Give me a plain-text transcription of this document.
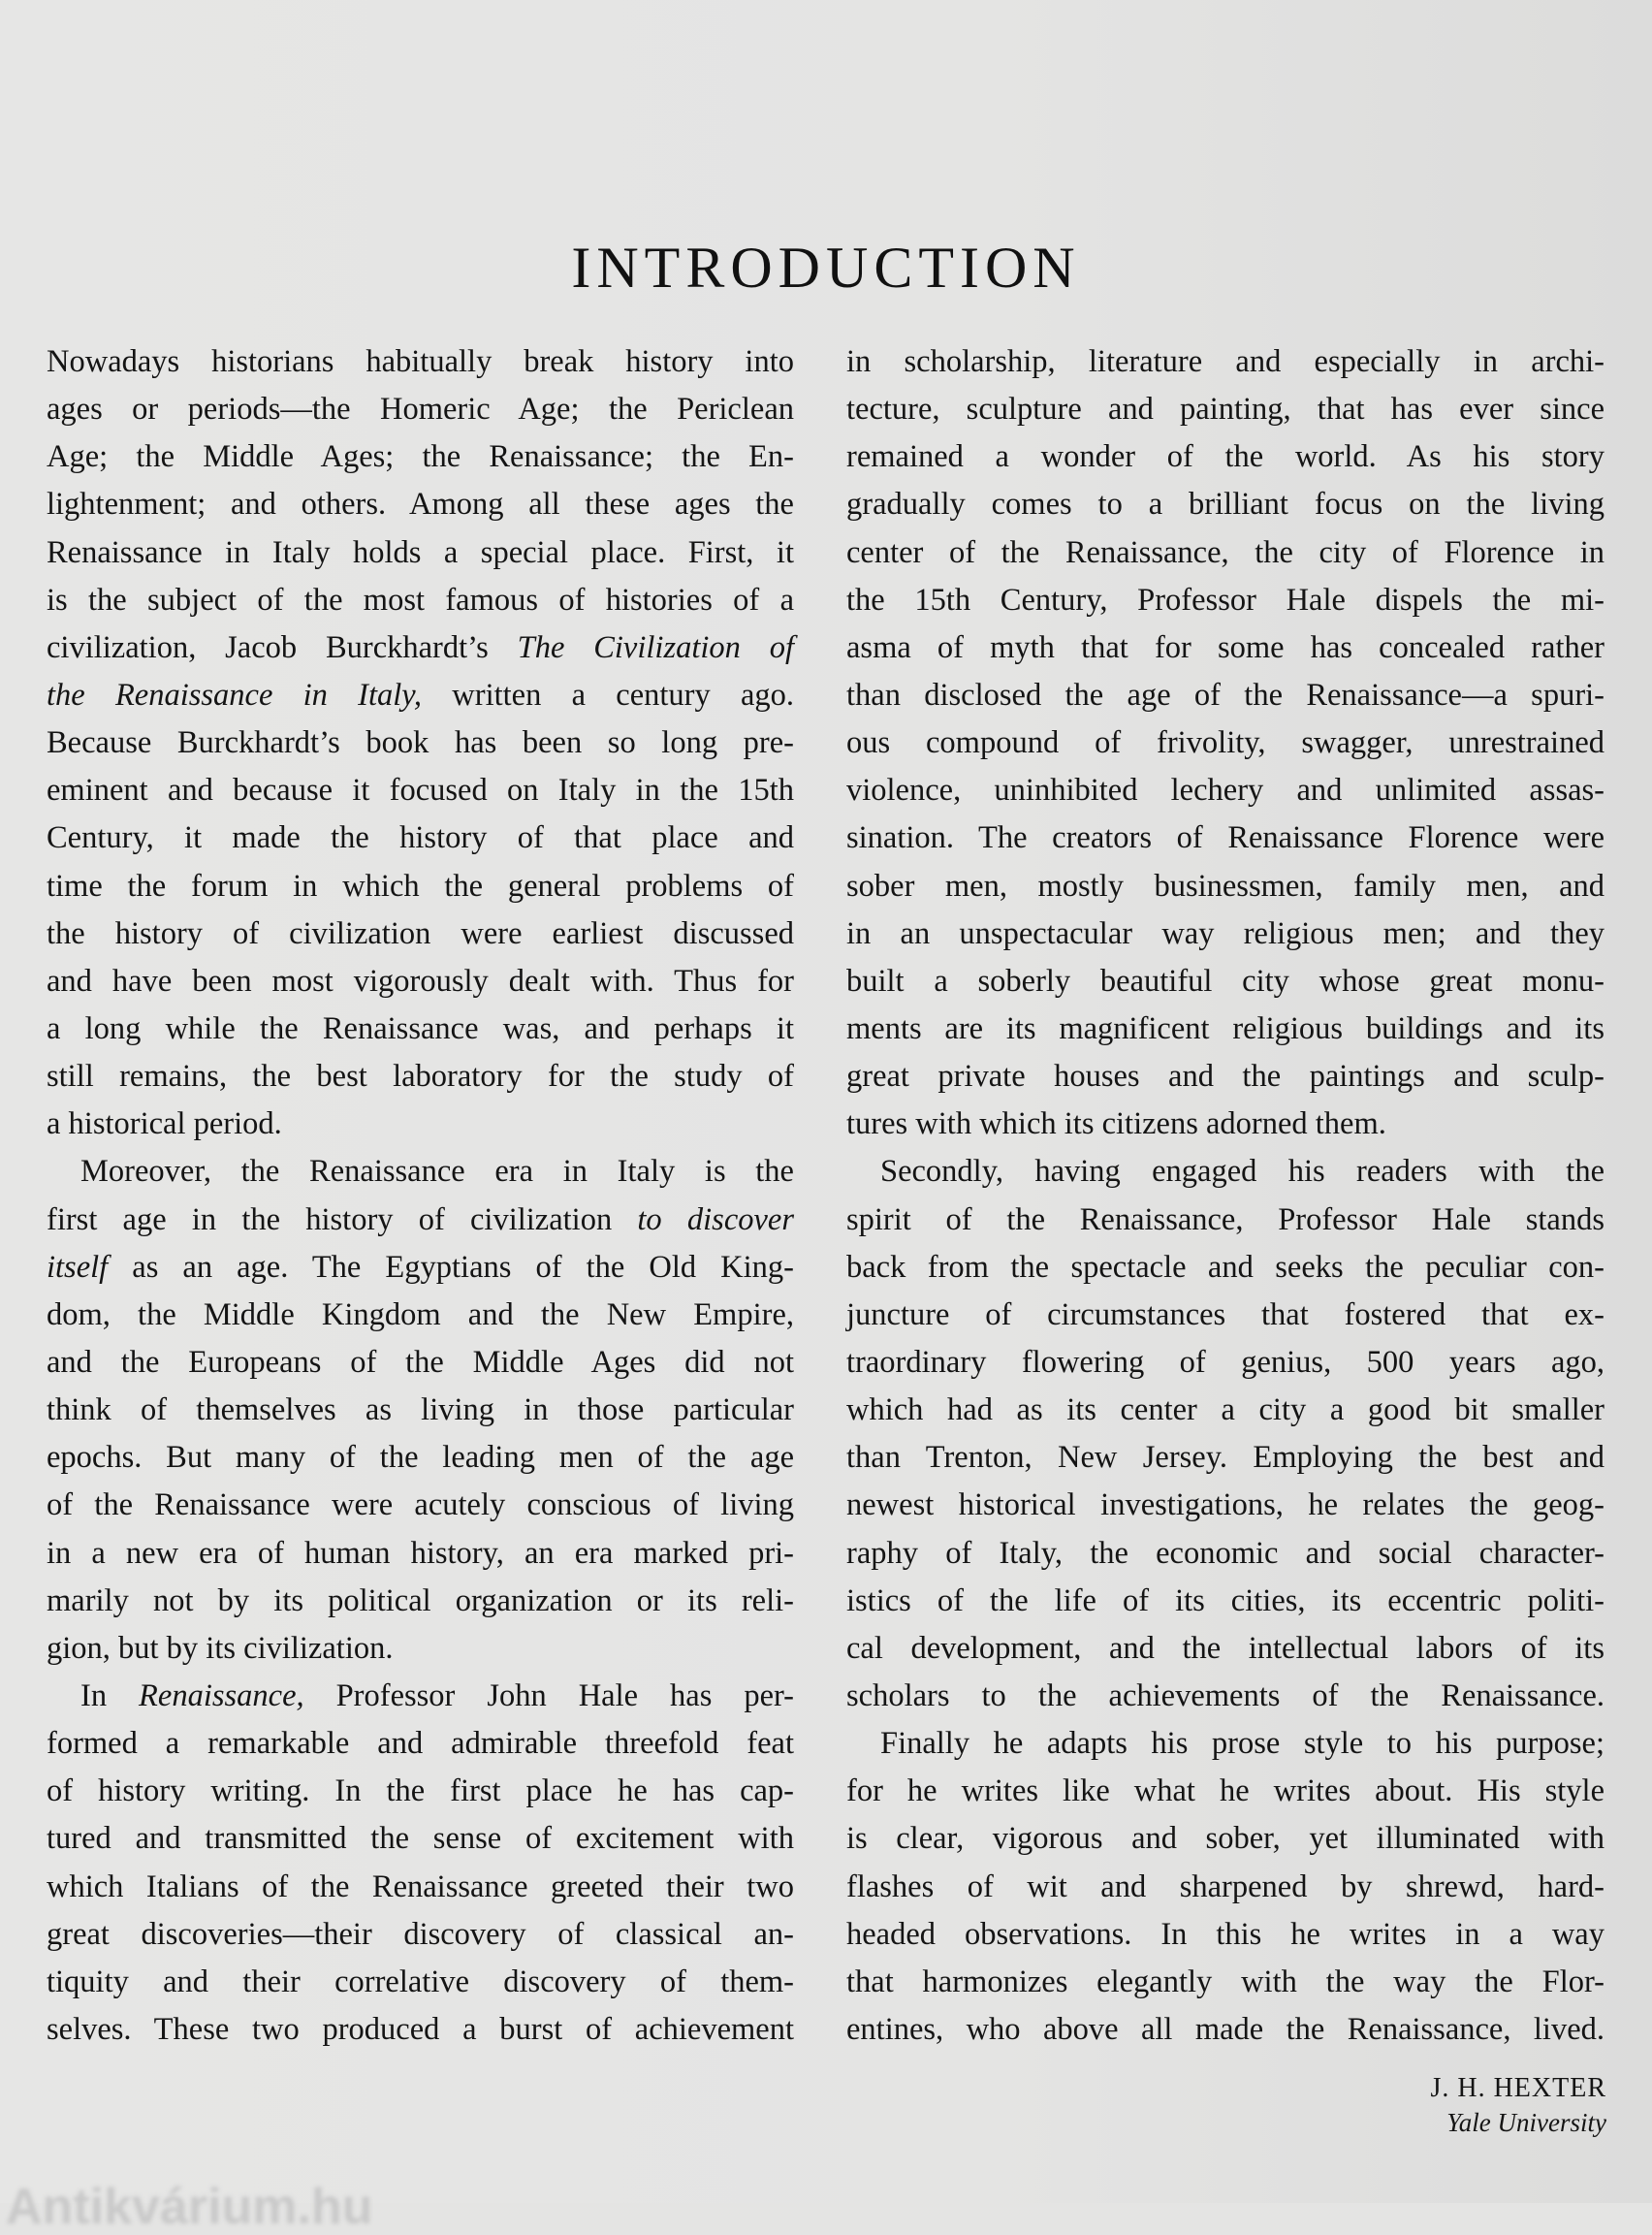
INTRODUCTION
Nowadays historians habitually break history into
ages or periods—the Homeric Age; the Periclean
Age; the Middle Ages; the Renaissance; the En-
lightenment; and others. Among all these ages the
Renaissance in Italy holds a special place. First, it
is the subject of the most famous of histories of a
civilization, Jacob Burckhardt’s The Civilization of
the Renaissance in Italy, written a century ago.
Because Burckhardt’s book has been so long pre-
eminent and because it focused on Italy in the 15th
Century, it made the history of that place and
time the forum in which the general problems of
the history of civilization were earliest discussed
and have been most vigorously dealt with. Thus for
a long while the Renaissance was, and perhaps it
still remains, the best laboratory for the study of
a historical period.
Moreover, the Renaissance era in Italy is the
first age in the history of civilization to discover
itself as an age. The Egyptians of the Old King-
dom, the Middle Kingdom and the New Empire,
and the Europeans of the Middle Ages did not
think of themselves as living in those particular
epochs. But many of the leading men of the age
of the Renaissance were acutely conscious of living
in a new era of human history, an era marked pri-
marily not by its political organization or its reli-
gion, but by its civilization.
In Renaissance, Professor John Hale has per-
formed a remarkable and admirable threefold feat
of history writing. In the first place he has cap-
tured and transmitted the sense of excitement with
which Italians of the Renaissance greeted their two
great discoveries—their discovery of classical an-
tiquity and their correlative discovery of them-
selves. These two produced a burst of achievement
in scholarship, literature and especially in archi-
tecture, sculpture and painting, that has ever since
remained a wonder of the world. As his story
gradually comes to a brilliant focus on the living
center of the Renaissance, the city of Florence in
the 15th Century, Professor Hale dispels the mi-
asma of myth that for some has concealed rather
than disclosed the age of the Renaissance—a spuri-
ous compound of frivolity, swagger, unrestrained
violence, uninhibited lechery and unlimited assas-
sination. The creators of Renaissance Florence were
sober men, mostly businessmen, family men, and
in an unspectacular way religious men; and they
built a soberly beautiful city whose great monu-
ments are its magnificent religious buildings and its
great private houses and the paintings and sculp-
tures with which its citizens adorned them.
Secondly, having engaged his readers with the
spirit of the Renaissance, Professor Hale stands
back from the spectacle and seeks the peculiar con-
juncture of circumstances that fostered that ex-
traordinary flowering of genius, 500 years ago,
which had as its center a city a good bit smaller
than Trenton, New Jersey. Employing the best and
newest historical investigations, he relates the geog-
raphy of Italy, the economic and social character-
istics of the life of its cities, its eccentric politi-
cal development, and the intellectual labors of its
scholars to the achievements of the Renaissance.
Finally he adapts his prose style to his purpose;
for he writes like what he writes about. His style
is clear, vigorous and sober, yet illuminated with
flashes of wit and sharpened by shrewd, hard-
headed observations. In this he writes in a way
that harmonizes elegantly with the way the Flor-
entines, who above all made the Renaissance, lived.
J. H. HEXTER
Yale University
Antikvárium.hu
